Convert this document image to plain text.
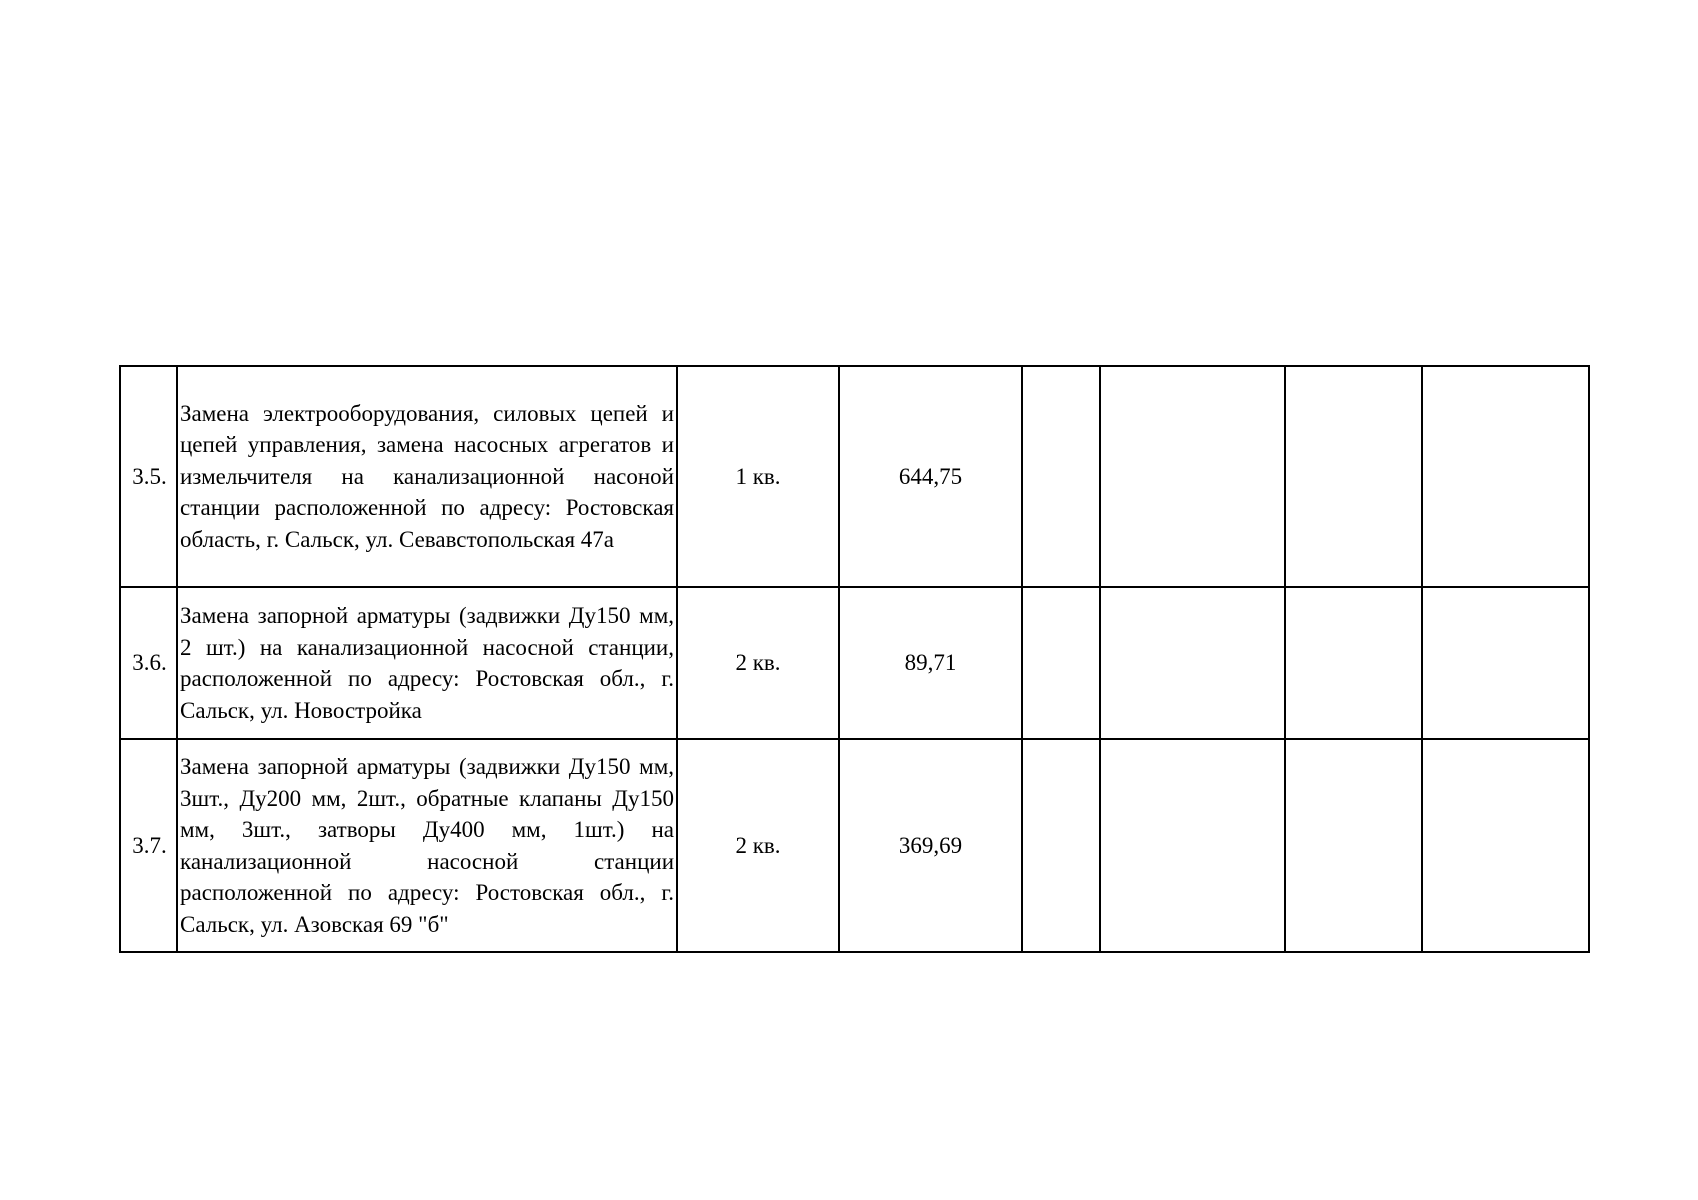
3.5.	Замена электрооборудования, силовых цепей и цепей управления, замена насосных агрегатов и измельчителя на канализационной насоной станции расположенной по адресу: Ростовская область, г. Сальск, ул. Севавстопольская 47а	1 кв.	644,75				
3.6.	Замена запорной арматуры (задвижки Ду150 мм, 2 шт.) на канализационной насосной станции, расположенной по адресу: Ростовская обл., г. Сальск, ул. Новостройка	2 кв.	89,71				
3.7.	Замена запорной арматуры (задвижки Ду150 мм, 3шт., Ду200 мм, 2шт., обратные клапаны Ду150 мм, 3шт., затворы Ду400 мм, 1шт.) на канализационной насосной станции расположенной по адресу: Ростовская обл., г. Сальск, ул. Азовская 69 "б"	2 кв.	369,69				
